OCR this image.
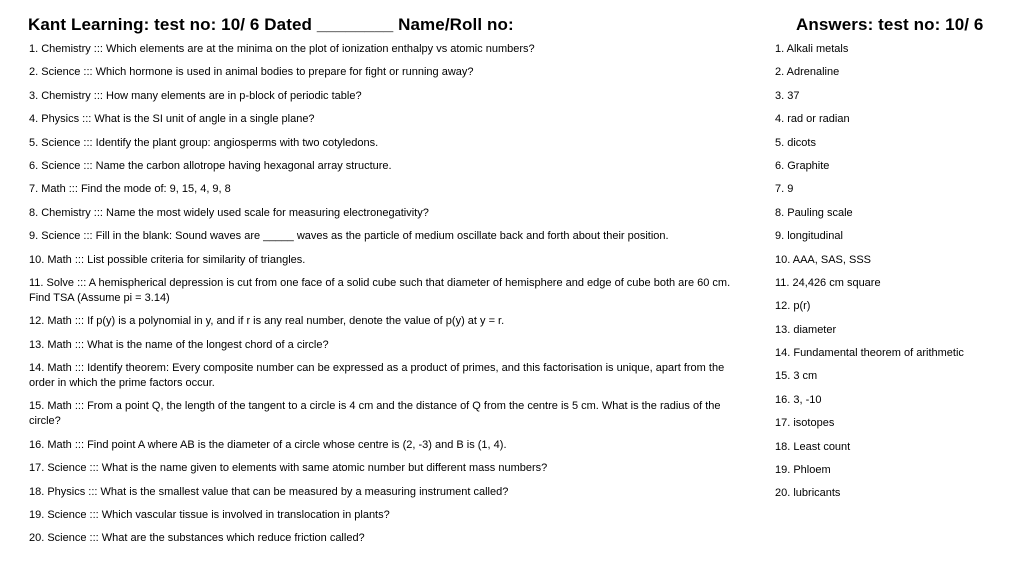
Kant Learning: test no: 10/ 6 Dated ________ Name/Roll no:	Answers: test no: 10/ 6
1. Chemistry ::: Which elements are at the minima on the plot of ionization enthalpy vs atomic numbers?
2. Science ::: Which hormone is used in animal bodies to prepare for fight or running away?
3. Chemistry ::: How many elements are in p-block of periodic table?
4. Physics ::: What is the SI unit of angle in a single plane?
5. Science ::: Identify the plant group: angiosperms with two cotyledons.
6. Science ::: Name the carbon allotrope having hexagonal array structure.
7. Math ::: Find the mode of: 9, 15, 4, 9, 8
8. Chemistry ::: Name the most widely used scale for measuring electronegativity?
9. Science ::: Fill in the blank: Sound waves are _____ waves as the particle of medium oscillate back and forth about their position.
10. Math ::: List possible criteria for similarity of triangles.
11. Solve ::: A hemispherical depression is cut from one face of a solid cube such that diameter of hemisphere and edge of cube both are 60 cm. Find TSA (Assume pi = 3.14)
12. Math ::: If p(y) is a polynomial in y, and if r is any real number, denote the value of p(y) at y = r.
13. Math ::: What is the name of the longest chord of a circle?
14. Math ::: Identify theorem: Every composite number can be expressed as a product of primes, and this factorisation is unique, apart from the order in which the prime factors occur.
15. Math ::: From a point Q, the length of the tangent to a circle is 4 cm and the distance of Q from the centre is 5 cm. What is the radius of the circle?
16. Math ::: Find point A where AB is the diameter of a circle whose centre is (2, -3) and B is (1, 4).
17. Science ::: What is the name given to elements with same atomic number but different mass numbers?
18. Physics ::: What is the smallest value that can be measured by a measuring instrument called?
19. Science ::: Which vascular tissue is involved in translocation in plants?
20. Science ::: What are the substances which reduce friction called?
1. Alkali metals
2. Adrenaline
3. 37
4. rad or radian
5. dicots
6. Graphite
7. 9
8. Pauling scale
9. longitudinal
10. AAA, SAS, SSS
11. 24,426 cm square
12. p(r)
13. diameter
14. Fundamental theorem of arithmetic
15. 3 cm
16. 3, -10
17. isotopes
18. Least count
19. Phloem
20. lubricants
